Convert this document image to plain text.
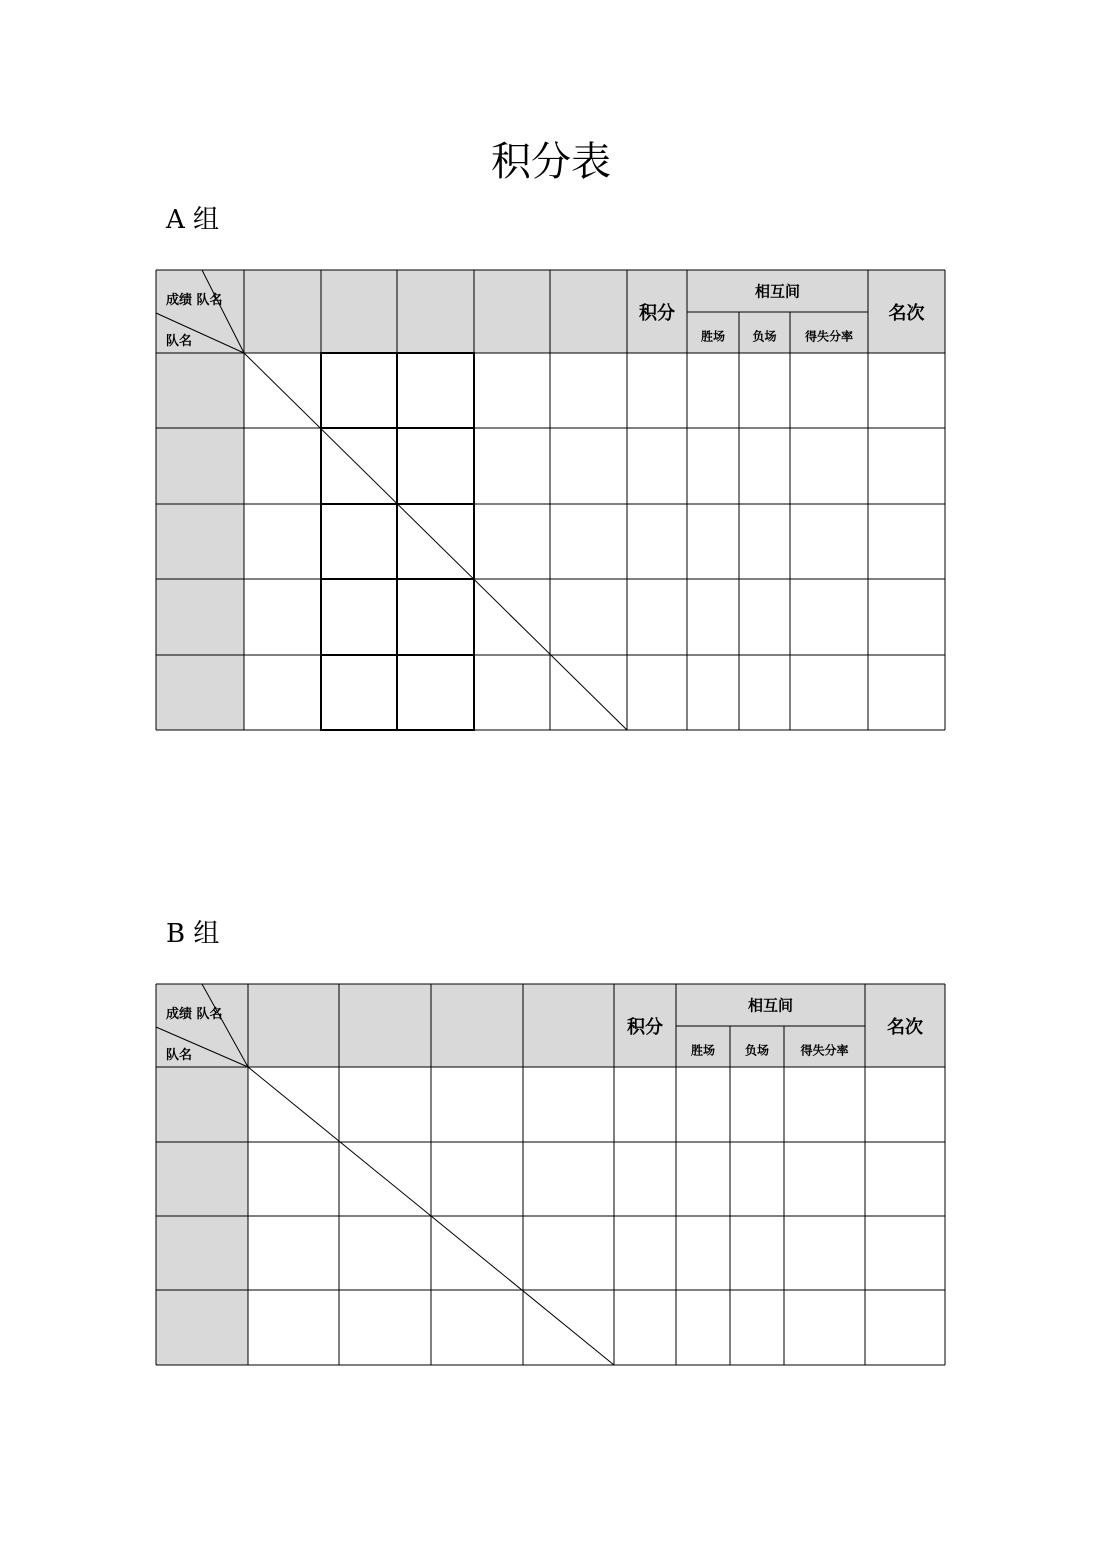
积分表
A 组
积分
相互间
胜场 负场 得失分率
名次
成绩 队名
队名
B 组
积分
相互间
胜场 负场	得失分率
名次
成绩 队名
队名
